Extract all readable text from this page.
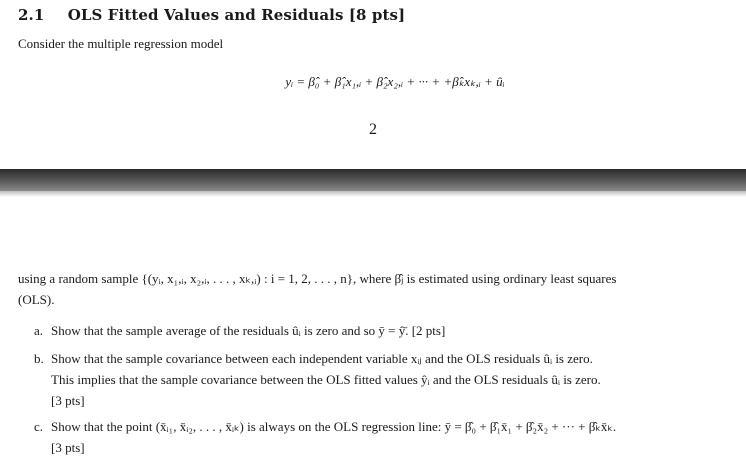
2.1 OLS Fitted Values and Residuals [8 pts]
Consider the multiple regression model
yᵢ = β̂₀ + β̂₁x₁,ᵢ + β̂₂x₂,ᵢ + ··· + +β̂ₖxₖ,ᵢ + ûᵢ
2
using a random sample {(yᵢ, x₁,ᵢ, x₂,ᵢ, . . . , xₖ,ᵢ) : i = 1, 2, . . . , n}, where β̂ⱼ is estimated using ordinary least squares
(OLS).
a. Show that the sample average of the residuals ûᵢ is zero and so ȳ = ŷ̄. [2 pts]
b. Show that the sample covariance between each independent variable xᵢⱼ and the OLS residuals ûᵢ is zero.
This implies that the sample covariance between the OLS fitted values ŷᵢ and the OLS residuals ûᵢ is zero.
[3 pts]
c. Show that the point (x̄ᵢ₁, x̄ᵢ₂, . . . , x̄ᵢₖ) is always on the OLS regression line: ȳ = β̂₀ + β̂₁x̄₁ + β̂₂x̄₂ + ··· + β̂ₖx̄ₖ.
[3 pts]
